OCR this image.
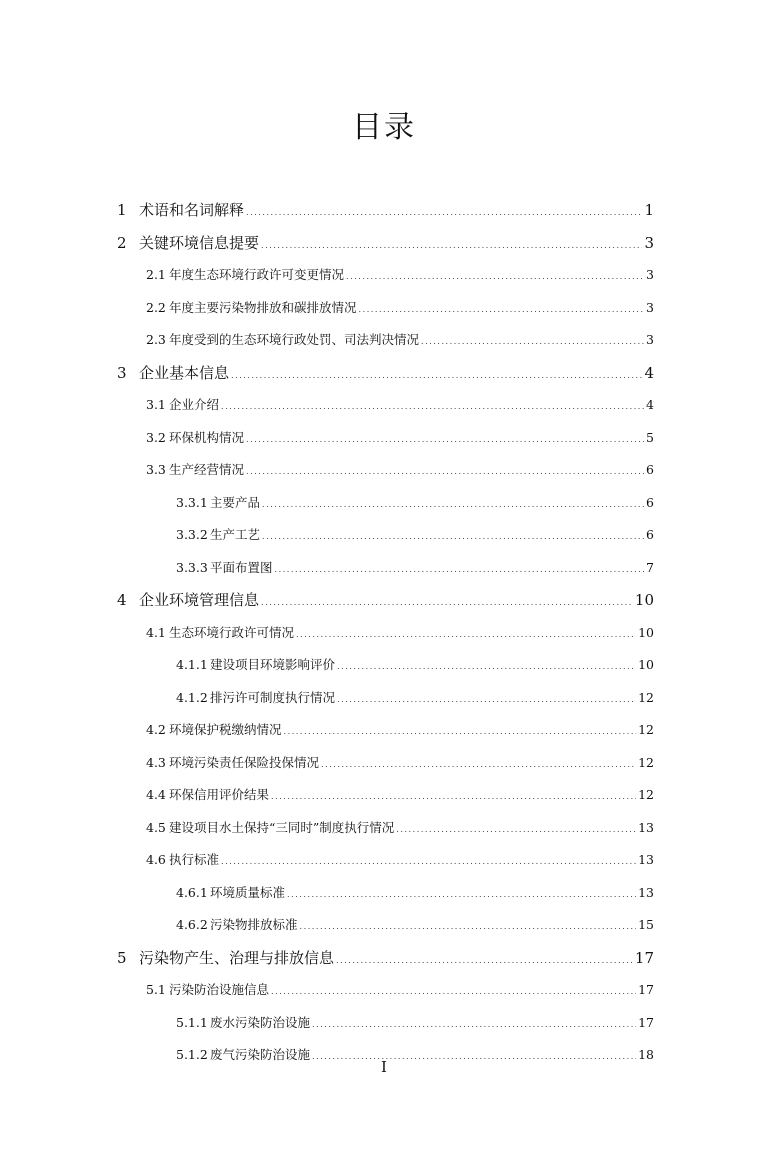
目录
1 术语和名词解释 . . .	1
2 关键环境信息提要 . . .	3
2.1 年度生态环境行政许可变更情况 . . .	3
2.2 年度主要污染物排放和碳排放情况 . . .	3
2.3 年度受到的生态环境行政处罚、司法判决情况 . . .	3
3 企业基本信息 . . .	4
3.1 企业介绍 . . .	4
3.2 环保机构情况 . . .	5
3.3 生产经营情况 . . .	6
3.3.1 主要产品 . . .	6
3.3.2 生产工艺 . . .	6
3.3.3 平面布置图 . . .	7
4 企业环境管理信息 . . .	10
4.1 生态环境行政许可情况 . . .	10
4.1.1 建设项目环境影响评价 . . .	10
4.1.2 排污许可制度执行情况 . . .	12
4.2 环境保护税缴纳情况 . . .	12
4.3 环境污染责任保险投保情况 . . .	12
4.4 环保信用评价结果 . . .	12
4.5 建设项目水土保持“三同时”制度执行情况 . . .	13
4.6 执行标准 . . .	13
4.6.1 环境质量标准 . . .	13
4.6.2 污染物排放标准 . . .	15
5 污染物产生、治理与排放信息 . . .	17
5.1 污染防治设施信息 . . .	17
5.1.1 废水污染防治设施 . . .	17
5.1.2 废气污染防治设施 . . .	18
I
